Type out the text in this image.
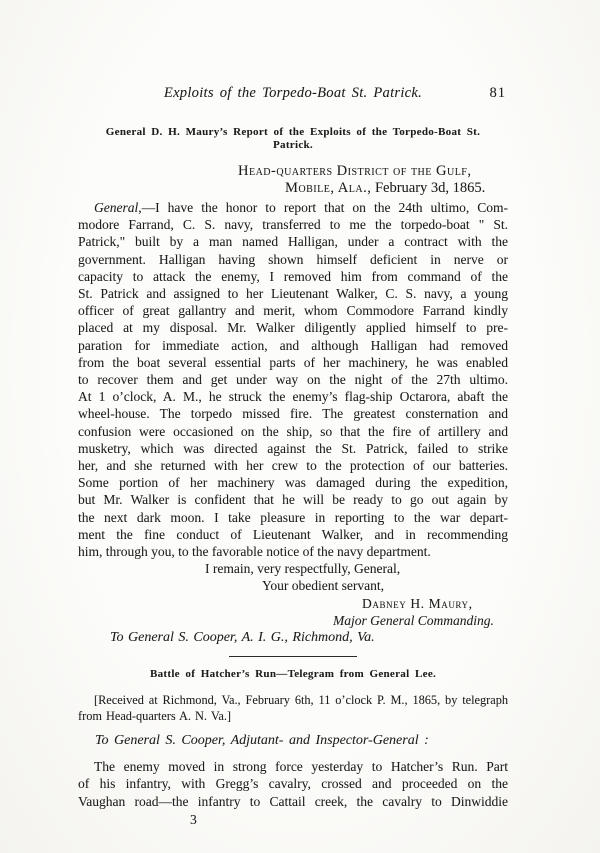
Exploits of the Torpedo-Boat St. Patrick.	81
General D. H. Maury’s Report of the Exploits of the Torpedo-Boat St.
Patrick.
Head-quarters District of the Gulf,
Mobile, Ala., February 3d, 1865.
General,—I have the honor to report that on the 24th ultimo, Com-
modore Farrand, C. S. navy, transferred to me the torpedo-boat " St.
Patrick," built by a man named Halligan, under a contract with the
government. Halligan having shown himself deficient in nerve or
capacity to attack the enemy, I removed him from command of the
St. Patrick and assigned to her Lieutenant Walker, C. S. navy, a young
officer of great gallantry and merit, whom Commodore Farrand kindly
placed at my disposal. Mr. Walker diligently applied himself to pre-
paration for immediate action, and although Halligan had removed
from the boat several essential parts of her machinery, he was enabled
to recover them and get under way on the night of the 27th ultimo.
At 1 o’clock, A. M., he struck the enemy’s flag-ship Octarora, abaft the
wheel-house. The torpedo missed fire. The greatest consternation and
confusion were occasioned on the ship, so that the fire of artillery and
musketry, which was directed against the St. Patrick, failed to strike
her, and she returned with her crew to the protection of our batteries.
Some portion of her machinery was damaged during the expedition,
but Mr. Walker is confident that he will be ready to go out again by
the next dark moon. I take pleasure in reporting to the war depart-
ment the fine conduct of Lieutenant Walker, and in recommending
him, through you, to the favorable notice of the navy department.
I remain, very respectfully, General,
Your obedient servant,
Dabney H. Maury,
Major General Commanding.
To General S. Cooper, A. I. G., Richmond, Va.
Battle of Hatcher’s Run—Telegram from General Lee.
[Received at Richmond, Va., February 6th, 11 o’clock P. M., 1865, by telegraph
from Head-quarters A. N. Va.]
To General S. Cooper, Adjutant- and Inspector-General :
The enemy moved in strong force yesterday to Hatcher’s Run. Part
of his infantry, with Gregg’s cavalry, crossed and proceeded on the
Vaughan road—the infantry to Cattail creek, the cavalry to Dinwiddie
3
